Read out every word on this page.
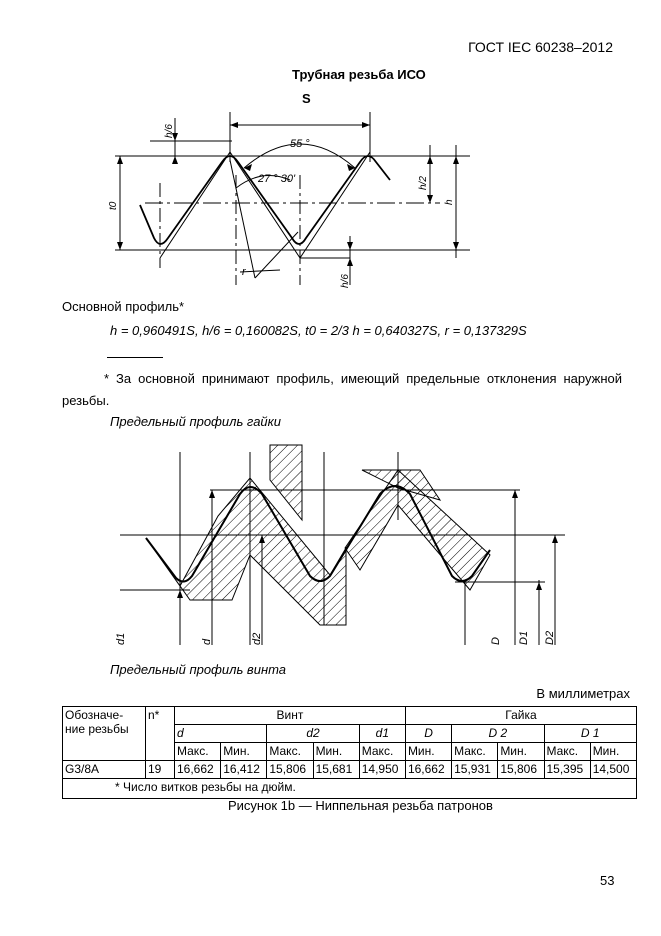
ГОСТ IEC 60238–2012
Трубная резьба ИСО
S
55 °
27 ° 30'
r
h/6
h/6
h/2
h
t0
Основной профиль*
h = 0,960491S, h/6 = 0,160082S, t0 = 2/3 h = 0,640327S, r = 0,137329S
* За основной принимают профиль, имеющий предельные отклонения наружной резьбы.
Предельный профиль гайки
d1	d	d2	D D1 D2
Предельный профиль винта
В миллиметрах
Обозначе-ние резьбы	n*	Винт					Гайка				
		d		d2		d1	D	D 2		D 1	
		Макс.	Мин.	Макс.	Мин.	Макс.	Мин.	Макс.	Мин.	Макс.	Мин.
G3/8A	19	16,662	16,412	15,806	15,681	14,950	16,662	15,931	15,806	15,395	14,500
* Число витков резьбы на дюйм.											
Рисунок 1b — Ниппельная резьба патронов
53
